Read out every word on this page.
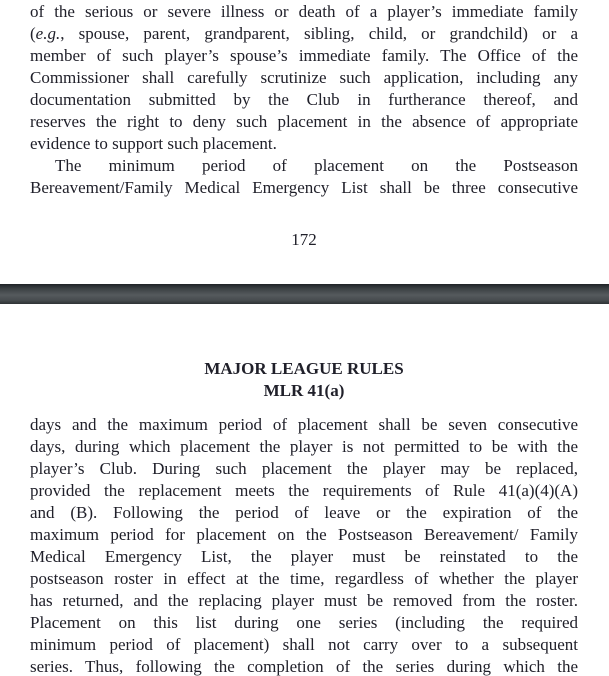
of the serious or severe illness or death of a player’s immediate family
(e.g., spouse, parent, grandparent, sibling, child, or grandchild) or a
member of such player’s spouse’s immediate family. The Office of the
Commissioner shall carefully scrutinize such application, including any
documentation submitted by the Club in furtherance thereof, and
reserves the right to deny such placement in the absence of appropriate
evidence to support such placement.
The minimum period of placement on the Postseason
Bereavement/Family Medical Emergency List shall be three consecutive
172
MAJOR LEAGUE RULES
MLR 41(a)
days and the maximum period of placement shall be seven consecutive
days, during which placement the player is not permitted to be with the
player’s Club. During such placement the player may be replaced,
provided the replacement meets the requirements of Rule 41(a)(4)(A)
and (B). Following the period of leave or the expiration of the
maximum period for placement on the Postseason Bereavement/ Family
Medical Emergency List, the player must be reinstated to the
postseason roster in effect at the time, regardless of whether the player
has returned, and the replacing player must be removed from the roster.
Placement on this list during one series (including the required
minimum period of placement) shall not carry over to a subsequent
series. Thus, following the completion of the series during which the
